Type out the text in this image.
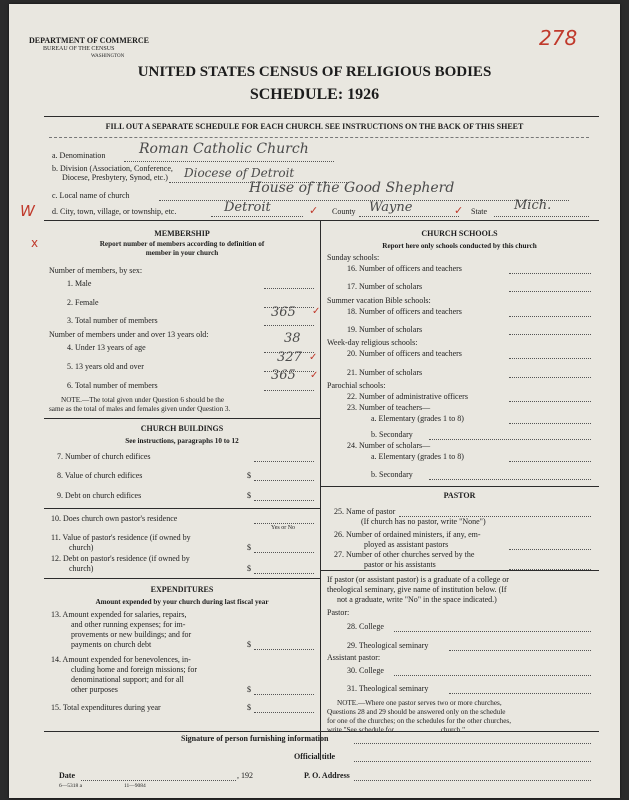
DEPARTMENT OF COMMERCE
BUREAU OF THE CENSUS
WASHINGTON
278
UNITED STATES CENSUS OF RELIGIOUS BODIES
SCHEDULE: 1926
FILL OUT A SEPARATE SCHEDULE FOR EACH CHURCH. SEE INSTRUCTIONS ON THE BACK OF THIS SHEET
a. Denomination Roman Catholic Church
b. Division (Association, Conference,
Diocese, Presbytery, Synod, etc.) Diocese of Detroit
c. Local name of church	House of the Good Shepherd
d. City, town, village, or township, etc.	Detroit	✓ County Wayne	✓ State Mich.
W
x
MEMBERSHIP
Report number of members according to definition of
member in your church
Number of members, by sex:
1. Male
2. Female
3. Total number of members
365 ✓
Number of members under and over 13 years old:
4. Under 13 years of age
38
5. 13 years old and over
327 ✓
6. Total number of members
365 ✓
NOTE.—The total given under Question 6 should be the
same as the total of males and females given under Question 3.
CHURCH BUILDINGS
See instructions, paragraphs 10 to 12
7. Number of church edifices
8. Value of church edifices	$
9. Debt on church edifices	$
10. Does church own pastor's residence
Yes or No
11. Value of pastor's residence (if owned by
church)	$
12. Debt on pastor's residence (if owned by
church)	$
EXPENDITURES
Amount expended by your church during last fiscal year
13. Amount expended for salaries, repairs,
and other running expenses; for im-
provements or new buildings; and for
payments on church debt	$
14. Amount expended for benevolences, in-
cluding home and foreign missions; for
denominational support; and for all
other purposes	$
15. Total expenditures during year	$
CHURCH SCHOOLS
Report here only schools conducted by this church
Sunday schools:
16. Number of officers and teachers
17. Number of scholars
Summer vacation Bible schools:
18. Number of officers and teachers
19. Number of scholars
Week-day religious schools:
20. Number of officers and teachers
21. Number of scholars
Parochial schools:
22. Number of administrative officers
23. Number of teachers—
a. Elementary (grades 1 to 8)
b. Secondary
24. Number of scholars—
a. Elementary (grades 1 to 8)
b. Secondary
PASTOR
25. Name of pastor
(If church has no pastor, write "None")
26. Number of ordained ministers, if any, em-
ployed as assistant pastors
27. Number of other churches served by the
pastor or his assistants
If pastor (or assistant pastor) is a graduate of a college or
theological seminary, give name of institution below. (If
not a graduate, write "No" in the space indicated.)
Pastor:
28. College
29. Theological seminary
Assistant pastor:
30. College
31. Theological seminary
NOTE.—Where one pastor serves two or more churches,
Questions 28 and 29 should be answered only on the schedule
for one of the churches; on the schedules for the other churches,
write "See schedule for ........................ church."
Signature of person furnishing information
Official title
Date	, 192	P. O. Address
6—5318 a	11—9084
